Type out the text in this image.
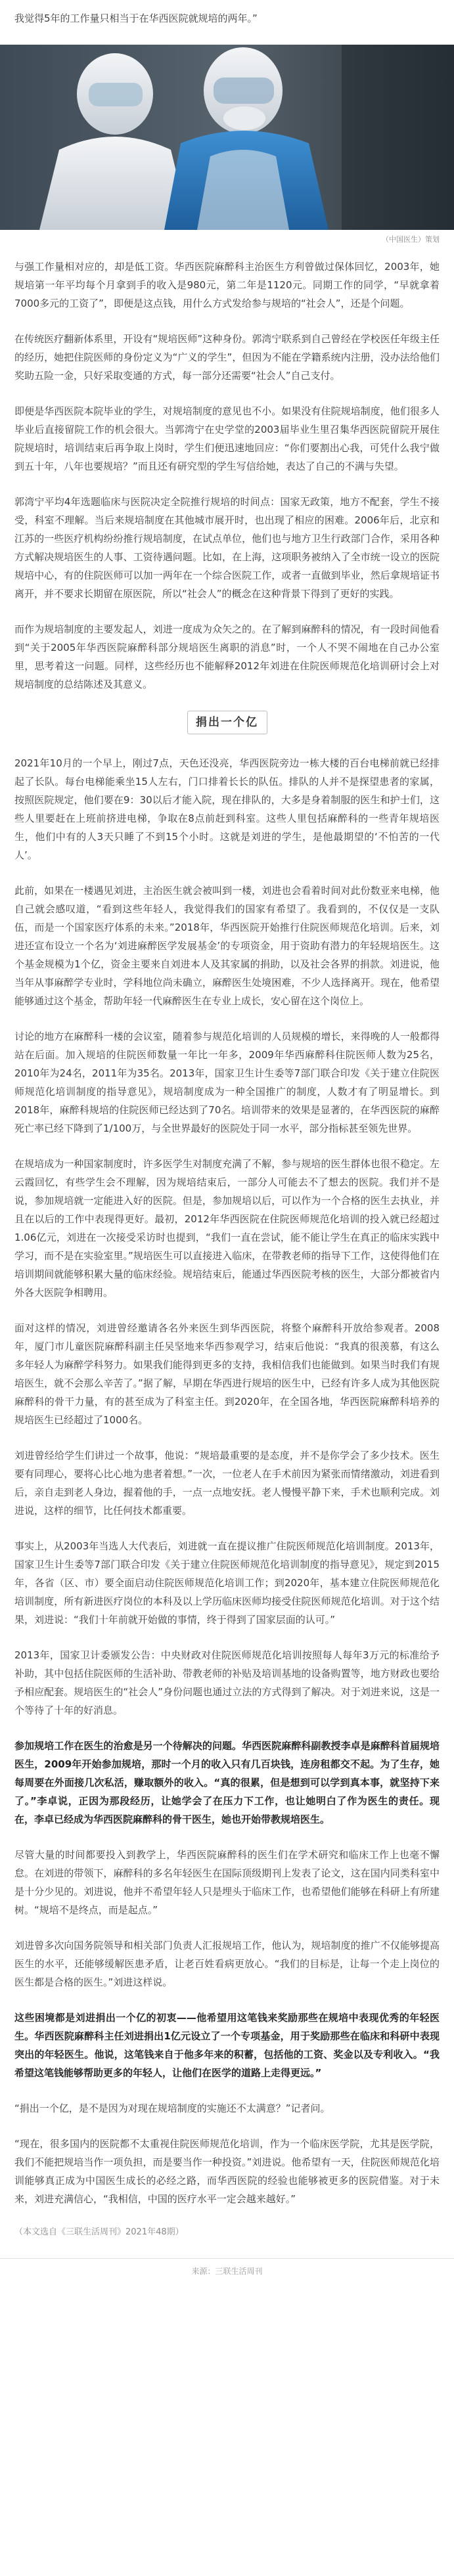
我觉得5年的工作量只相当于在华西医院就规培的两年。”

（中国医生）策划

与强工作量相对应的，却是低工资。华西医院麻醉科主治医生方利曾做过保体回忆，2003年，她规培第一年平均每个月拿到手的收入是980元，第二年是1120元。同期工作的同学，“早就拿着7000多元的工资了”，即便是这点钱，用什么方式发给参与规培的“社会人”，还是个问题。

在传统医疗翻新体系里，开设有“规培医师”这种身份。郭湾宁联系到自己曾经在学校医任年级主任的经历，她把住院医师的身份定义为“广义的学生”，但因为不能在学籍系统内注册，没办法给他们奖助五险一金，只好采取变通的方式，每一部分还需要“社会人”自己支付。

即便是华西医院本院毕业的学生，对规培制度的意见也不小。如果没有住院规培制度，他们很多人毕业后直接留院工作的机会很大。当郭湾宁在史学堂的2003届毕业生里召集华西医院留院开展住院规培时，培训结束后再争取上岗时，学生们便迅速地回应：“你们要割出心我，可凭什么我宁做到五十年，八年也要规培？”而且还有研究型的学生写信给她，表达了自己的不满与失望。

郭湾宁平均4年选题临床与医院决定全院推行规培的时间点：国家无政策，地方不配套，学生不接受，科室不理解。当后来规培制度在其他城市展开时，也出现了相应的困难。2006年后，北京和江苏的一些医疗机构纷纷推行规培制度，在试点单位，他们也与地方卫生行政部门合作，采用各种方式解决规培医生的人事、工资待遇问题。比如，在上海，这项职务被纳入了全市统一设立的医院规培中心，有的住院医师可以加一两年在一个综合医院工作，或者一直做到毕业，然后拿规培证书离开，并不要求长期留在原医院，所以“社会人”的概念在这种背景下得到了更好的实践。

而作为规培制度的主要发起人，刘进一度成为众矢之的。在了解到麻醉科的情况，有一段时间他看到“关于2005年华西医院麻醉科部分规培医生离职的消息”时，一个人不哭不闹地在自己办公室里，思考着这一问题。同样，这些经历也不能解释2012年刘进在住院医师规范化培训研讨会上对规培制度的总结陈述及其意义。

捐出一个亿

2021年10月的一个早上，刚过7点，天色还没亮，华西医院旁边一栋大楼的百台电梯前就已经排起了长队。每台电梯能乘坐15人左右，门口排着长长的队伍。排队的人并不是探望患者的家属，按照医院规定，他们要在9：30以后才能入院，现在排队的，大多是身着制服的医生和护士们，这些人里要赶在上班前挤进电梯，争取在8点前赶到科室。这些人里包括麻醉科的一些青年规培医生，他们中有的人3天只睡了不到15个小时。这就是刘进的学生，是他最期望的‘不怕苦的一代人’。

此前，如果在一楼遇见刘进，主治医生就会被叫到一楼，刘进也会看着时间对此份数亚来电梯，他自己就会感叹道，“看到这些年轻人，我觉得我们的国家有希望了。我看到的，不仅仅是一支队伍，而是一个国家医疗体系的未来。”2018年，华西医院开始推行住院医师规范化培训。后来，刘进还宣布设立一个名为‘刘进麻醉医学发展基金’的专项资金，用于资助有潜力的年轻规培医生。这个基金规模为1个亿，资金主要来自刘进本人及其家属的捐助，以及社会各界的捐款。刘进说，他当年从事麻醉学专业时，学科地位尚未确立，麻醉医生处境困难，不少人选择离开。现在，他希望能够通过这个基金，帮助年轻一代麻醉医生在专业上成长，安心留在这个岗位上。

讨论的地方在麻醉科一楼的会议室，随着参与规范化培训的人员规模的增长，来得晚的人一般都得站在后面。加入规培的住院医师数量一年比一年多，2009年华西麻醉科住院医师人数为25名，2010年为24名，2011年为35名。2013年，国家卫生计生委等7部门联合印发《关于建立住院医师规范化培训制度的指导意见》，规培制度成为一种全国推广的制度，人数才有了明显增长。到2018年，麻醉科规培的住院医师已经达到了70名。培训带来的效果是显著的，在华西医院的麻醉死亡率已经下降到了1/100万，与全世界最好的医院处于同一水平，部分指标甚至领先世界。

在规培成为一种国家制度时，许多医学生对制度充满了不解，参与规培的医生群体也很不稳定。左云霞回忆，有些学生会不理解，因为规培结束后，一部分人可能去不了想去的医院。我们并不是说，参加规培就一定能进入好的医院。但是，参加规培以后，可以作为一个合格的医生去执业，并且在以后的工作中表现得更好。最初，2012年华西医院在住院医师规范化培训的投入就已经超过1.06亿元，刘进在一次接受采访时也提到，“我们一直在尝试，能不能让学生在真正的临床实践中学习，而不是在实验室里。”规培医生可以直接进入临床，在带教老师的指导下工作，这使得他们在培训期间就能够积累大量的临床经验。规培结束后，能通过华西医院考核的医生，大部分都被省内外各大医院争相聘用。

面对这样的情况，刘进曾经邀请各名外来医生到华西医院，将整个麻醉科开放给参观者。2008年，厦门市儿童医院麻醉科副主任吴坚地来华西参观学习，结束后他说：“我真的很羡慕，有这么多年轻人为麻醉学科努力。如果我们能得到更多的支持，我相信我们也能做到。如果当时我们有规培医生，就不会那么辛苦了。”据了解，早期在华西进行规培的医生中，已经有许多人成为其他医院麻醉科的骨干力量，有的甚至成为了科室主任。到2020年，在全国各地，华西医院麻醉科培养的规培医生已经超过了1000名。

刘进曾经给学生们讲过一个故事，他说：“规培最重要的是态度，并不是你学会了多少技术。医生要有同理心，要将心比心地为患者着想。”一次，一位老人在手术前因为紧张而情绪激动，刘进看到后，亲自走到老人身边，握着他的手，一点一点地安抚。老人慢慢平静下来，手术也顺利完成。刘进说，这样的细节，比任何技术都重要。

事实上，从2003年当选人大代表后，刘进就一直在提议推广住院医师规范化培训制度。2013年，国家卫生计生委等7部门联合印发《关于建立住院医师规范化培训制度的指导意见》，规定到2015年，各省（区、市）要全面启动住院医师规范化培训工作；到2020年，基本建立住院医师规范化培训制度，所有新进医疗岗位的本科及以上学历临床医师均接受住院医师规范化培训。对于这个结果，刘进说：“我们十年前就开始做的事情，终于得到了国家层面的认可。”

2013年，国家卫计委颁发公告：中央财政对住院医师规范化培训按照每人每年3万元的标准给予补助，其中包括住院医师的生活补助、带教老师的补贴及培训基地的设备购置等，地方财政也要给予相应配套。规培医生的“社会人”身份问题也通过立法的方式得到了解决。对于刘进来说，这是一个等待了十年的好消息。

参加规培工作在医生的治愈是另一个待解决的问题。华西医院麻醉科副教授李卓是麻醉科首届规培医生，2009年开始参加规培，那时一个月的收入只有几百块钱，连房租都交不起。为了生存，她每周要在外面接几次私活，赚取额外的收入。“真的很累，但是想到可以学到真本事，就坚持下来了。”李卓说，正因为那段经历，让她学会了在压力下工作，也让她明白了作为医生的责任。现在，李卓已经成为华西医院麻醉科的骨干医生，她也开始带教规培医生。

尽管大量的时间都要投入到教学上，华西医院麻醉科的医生们在学术研究和临床工作上也毫不懈怠。在刘进的带领下，麻醉科的多名年轻医生在国际顶级期刊上发表了论文，这在国内同类科室中是十分少见的。刘进说，他并不希望年轻人只是埋头于临床工作，也希望他们能够在科研上有所建树。“规培不是终点，而是起点。”

刘进曾多次向国务院领导和相关部门负责人汇报规培工作，他认为，规培制度的推广不仅能够提高医生的水平，还能够缓解医患矛盾，让老百姓看病更放心。“我们的目标是，让每一个走上岗位的医生都是合格的医生。”刘进这样说。

这些困境都是刘进捐出一个亿的初衷——他希望用这笔钱来奖励那些在规培中表现优秀的年轻医生。华西医院麻醉科主任刘进捐出1亿元设立了一个专项基金，用于奖励那些在临床和科研中表现突出的年轻医生。他说，这笔钱来自于他多年来的积蓄，包括他的工资、奖金以及专利收入。“我希望这笔钱能够帮助更多的年轻人，让他们在医学的道路上走得更远。”

“捐出一个亿，是不是因为对现在规培制度的实施还不太满意？”记者问。

“现在，很多国内的医院都不太重视住院医师规范化培训，作为一个临床医学院，尤其是医学院，我们不能把规培当作一项负担，而是要当作一种投资。”刘进说。他希望有一天，住院医师规范化培训能够真正成为中国医生成长的必经之路，而华西医院的经验也能够被更多的医院借鉴。对于未来，刘进充满信心，“我相信，中国的医疗水平一定会越来越好。”

（本文选自《三联生活周刊》2021年48期）
来源：三联生活周刊
